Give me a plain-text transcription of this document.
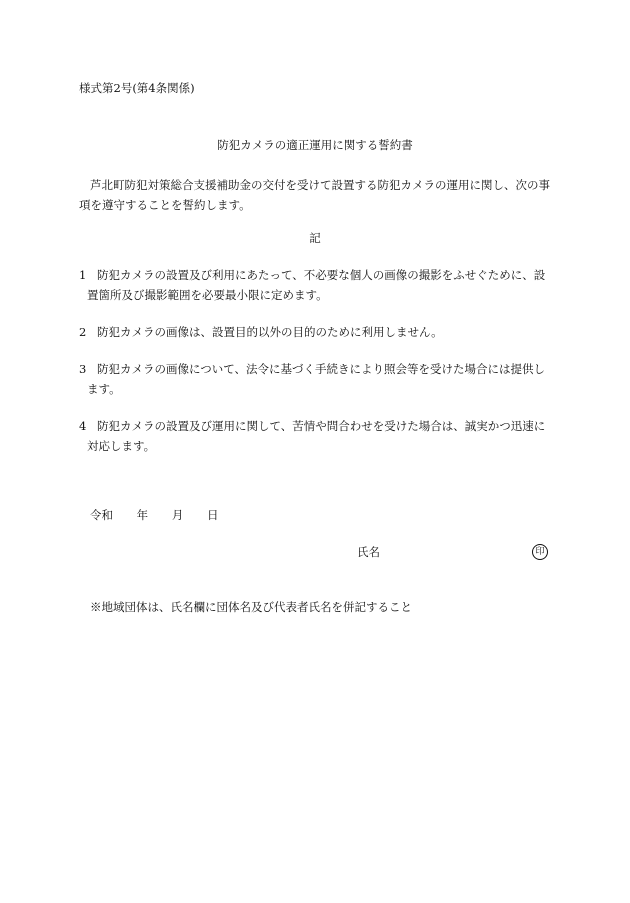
様式第2号(第4条関係)
防犯カメラの適正運用に関する誓約書
芦北町防犯対策総合支援補助金の交付を受けて設置する防犯カメラの運用に関し、次の事項を遵守することを誓約します。
記
1 防犯カメラの設置及び利用にあたって、不必要な個人の画像の撮影をふせぐために、設
置箇所及び撮影範囲を必要最小限に定めます。
2 防犯カメラの画像は、設置目的以外の目的のために利用しません。
3 防犯カメラの画像について、法令に基づく手続きにより照会等を受けた場合には提供し
ます。
4 防犯カメラの設置及び運用に関して、苦情や問合わせを受けた場合は、誠実かつ迅速に
対応します。
令和 年 月 日
氏名	印
※地域団体は、氏名欄に団体名及び代表者氏名を併記すること
